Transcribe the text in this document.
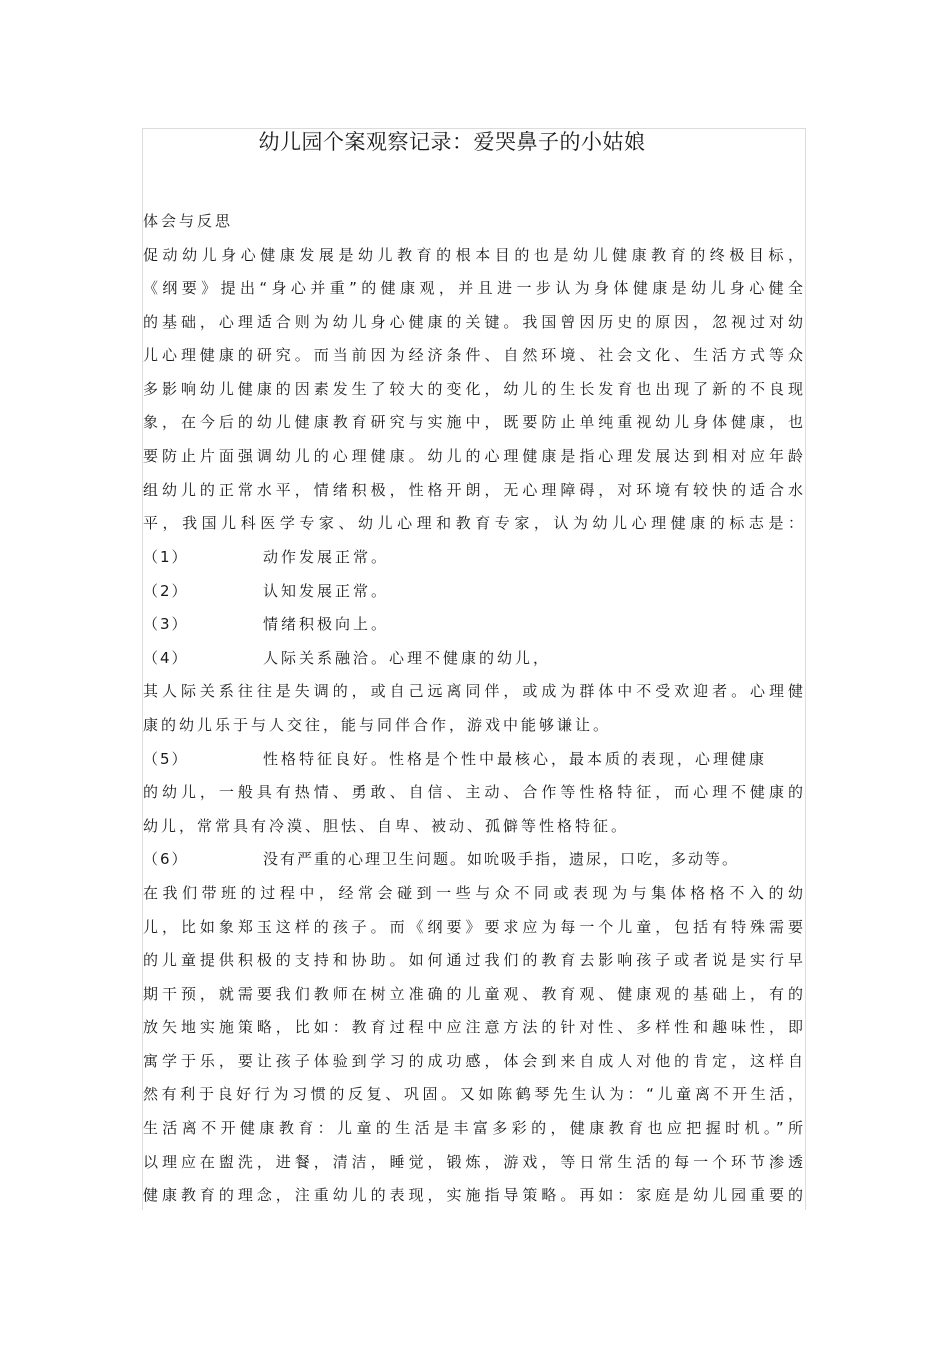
幼儿园个案观察记录：爱哭鼻子的小姑娘
体会与反思
促动幼儿身心健康发展是幼儿教育的根本目的也是幼儿健康教育的终极目标，
《纲要》提出“身心并重”的健康观，并且进一步认为身体健康是幼儿身心健全
的基础，心理适合则为幼儿身心健康的关键。我国曾因历史的原因，忽视过对幼
儿心理健康的研究。而当前因为经济条件、自然环境、社会文化、生活方式等众
多影响幼儿健康的因素发生了较大的变化，幼儿的生长发育也出现了新的不良现
象，在今后的幼儿健康教育研究与实施中，既要防止单纯重视幼儿身体健康，也
要防止片面强调幼儿的心理健康。幼儿的心理健康是指心理发展达到相对应年龄
组幼儿的正常水平，情绪积极，性格开朗，无心理障碍，对环境有较快的适合水
平，我国儿科医学专家、幼儿心理和教育专家，认为幼儿心理健康的标志是：
（1）	动作发展正常。
（2）	认知发展正常。
（3）	情绪积极向上。
（4）	人际关系融洽。心理不健康的幼儿，
其人际关系往往是失调的，或自己远离同伴，或成为群体中不受欢迎者。心理健
康的幼儿乐于与人交往，能与同伴合作，游戏中能够谦让。
（5）	性格特征良好。性格是个性中最核心，最本质的表现，心理健康
的幼儿，一般具有热情、勇敢、自信、主动、合作等性格特征，而心理不健康的
幼儿，常常具有冷漠、胆怯、自卑、被动、孤僻等性格特征。
（6）	没有严重的心理卫生问题。如吮吸手指，遗尿，口吃，多动等。
在我们带班的过程中，经常会碰到一些与众不同或表现为与集体格格不入的幼
儿，比如象郑玉这样的孩子。而《纲要》要求应为每一个儿童，包括有特殊需要
的儿童提供积极的支持和协助。如何通过我们的教育去影响孩子或者说是实行早
期干预，就需要我们教师在树立准确的儿童观、教育观、健康观的基础上，有的
放矢地实施策略，比如：教育过程中应注意方法的针对性、多样性和趣味性，即
寓学于乐，要让孩子体验到学习的成功感，体会到来自成人对他的肯定，这样自
然有利于良好行为习惯的反复、巩固。又如陈鹤琴先生认为：“儿童离不开生活，
生活离不开健康教育：儿童的生活是丰富多彩的，健康教育也应把握时机。”所
以理应在盥洗，进餐，清洁，睡觉，锻炼，游戏，等日常生活的每一个环节渗透
健康教育的理念，注重幼儿的表现，实施指导策略。再如：家庭是幼儿园重要的
